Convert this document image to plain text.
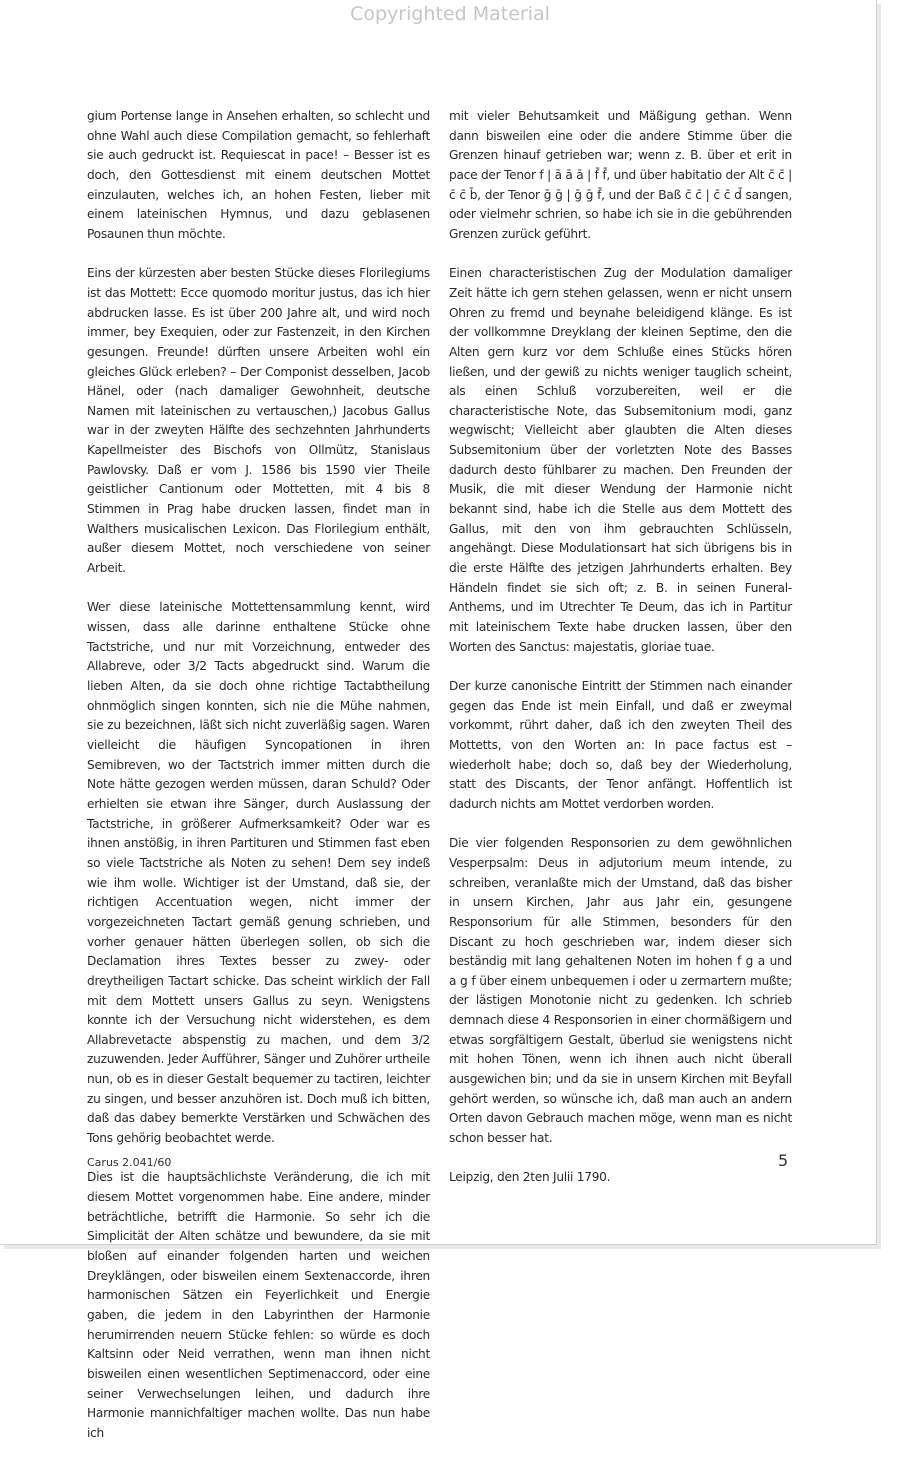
Copyrighted Material

gium Portense lange in Ansehen erhalten, so schlecht und ohne Wahl auch diese Compilation gemacht, so fehlerhaft sie auch gedruckt ist. Requiescat in pace! – Besser ist es doch, den Gottesdienst mit einem deutschen Mottet einzulauten, welches ich, an hohen Festen, lieber mit einem lateinischen Hymnus, und dazu geblasenen Posaunen thun möchte.

Eins der kürzesten aber besten Stücke dieses Florilegiums ist das Mottett: Ecce quomodo moritur justus, das ich hier abdrucken lasse. Es ist über 200 Jahre alt, und wird noch immer, bey Exequien, oder zur Fastenzeit, in den Kirchen gesungen. Freunde! dürften unsere Arbeiten wohl ein gleiches Glück erleben? – Der Componist desselben, Jacob Hänel, oder (nach damaliger Gewohnheit, deutsche Namen mit lateinischen zu vertauschen,) Jacobus Gallus war in der zweyten Hälfte des sechzehnten Jahrhunderts Kapellmeister des Bischofs von Ollmütz, Stanislaus Pawlovsky. Daß er vom J. 1586 bis 1590 vier Theile geistlicher Cantionum oder Mottetten, mit 4 bis 8 Stimmen in Prag habe drucken lassen, findet man in Walthers musicalischen Lexicon. Das Florilegium enthält, außer diesem Mottet, noch verschiedene von seiner Arbeit.

Wer diese lateinische Mottettensammlung kennt, wird wissen, dass alle darinne enthaltene Stücke ohne Tactstriche, und nur mit Vorzeichnung, entweder des Allabreve, oder 3/2 Tacts abgedruckt sind. Warum die lieben Alten, da sie doch ohne richtige Tactabtheilung ohnmöglich singen konnten, sich nie die Mühe nahmen, sie zu bezeichnen, läßt sich nicht zuverläßig sagen. Waren vielleicht die häufigen Syncopationen in ihren Semibreven, wo der Tactstrich immer mitten durch die Note hätte gezogen werden müssen, daran Schuld? Oder erhielten sie etwan ihre Sänger, durch Auslassung der Tactstriche, in größerer Aufmerksamkeit? Oder war es ihnen anstößig, in ihren Partituren und Stimmen fast eben so viele Tactstriche als Noten zu sehen! Dem sey indeß wie ihm wolle. Wichtiger ist der Umstand, daß sie, der richtigen Accentuation wegen, nicht immer der vorgezeichneten Tactart gemäß genung schrieben, und vorher genauer hätten überlegen sollen, ob sich die Declamation ihres Textes besser zu zwey- oder dreytheiligen Tactart schicke. Das scheint wirklich der Fall mit dem Mottett unsers Gallus zu seyn. Wenigstens konnte ich der Versuchung nicht widerstehen, es dem Allabrevetacte abspenstig zu machen, und dem 3/2 zuzuwenden. Jeder Aufführer, Sänger und Zuhörer urtheile nun, ob es in dieser Gestalt bequemer zu tactiren, leichter zu singen, und besser anzuhören ist. Doch muß ich bitten, daß das dabey bemerkte Verstärken und Schwächen des Tons gehörig beobachtet werde.

Dies ist die hauptsächlichste Veränderung, die ich mit diesem Mottet vorgenommen habe. Eine andere, minder beträchtliche, betrifft die Harmonie. So sehr ich die Simplicität der Alten schätze und bewundere, da sie mit bloßen auf einander folgenden harten und weichen Dreyklängen, oder bisweilen einem Sextenaccorde, ihren harmonischen Sätzen ein Feyerlichkeit und Energie gaben, die jedem in den Labyrinthen der Harmonie herumirrenden neuern Stücke fehlen: so würde es doch Kaltsinn oder Neid verrathen, wenn man ihnen nicht bisweilen einen wesentlichen Septimenaccord, oder eine seiner Verwechselungen leihen, und dadurch ihre Harmonie mannichfaltiger machen wollte. Das nun habe ich

mit vieler Behutsamkeit und Mäßigung gethan. Wenn dann bisweilen eine oder die andere Stimme über die Grenzen hinauf getrieben war; wenn z. B. über et erit in pace der Tenor f | ā ā ā | f̄ f̄, und über habitatio der Alt c̄ c̄ | c̄ c̄ b̄, der Tenor ḡ ḡ | ḡ ḡ f̄, und der Baß c̄ c̄ | c̄ c̄ d̄ sangen, oder vielmehr schrien, so habe ich sie in die gebührenden Grenzen zurück geführt.

Einen characteristischen Zug der Modulation damaliger Zeit hätte ich gern stehen gelassen, wenn er nicht unsern Ohren zu fremd und beynahe beleidigend klänge. Es ist der vollkommne Dreyklang der kleinen Septime, den die Alten gern kurz vor dem Schluße eines Stücks hören ließen, und der gewiß zu nichts weniger tauglich scheint, als einen Schluß vorzubereiten, weil er die characteristische Note, das Subsemitonium modi, ganz wegwischt; Vielleicht aber glaubten die Alten dieses Subsemitonium über der vorletzten Note des Basses dadurch desto fühlbarer zu machen. Den Freunden der Musik, die mit dieser Wendung der Harmonie nicht bekannt sind, habe ich die Stelle aus dem Mottett des Gallus, mit den von ihm gebrauchten Schlüsseln, angehängt. Diese Modulationsart hat sich übrigens bis in die erste Hälfte des jetzigen Jahrhunderts erhalten. Bey Händeln findet sie sich oft; z. B. in seinen Funeral-Anthems, und im Utrechter Te Deum, das ich in Partitur mit lateinischem Texte habe drucken lassen, über den Worten des Sanctus: majestatis, gloriae tuae.

Der kurze canonische Eintritt der Stimmen nach einander gegen das Ende ist mein Einfall, und daß er zweymal vorkommt, rührt daher, daß ich den zweyten Theil des Mottetts, von den Worten an: In pace factus est – wiederholt habe; doch so, daß bey der Wiederholung, statt des Discants, der Tenor anfängt. Hoffentlich ist dadurch nichts am Mottet verdorben worden.

Die vier folgenden Responsorien zu dem gewöhnlichen Vesperpsalm: Deus in adjutorium meum intende, zu schreiben, veranlaßte mich der Umstand, daß das bisher in unsern Kirchen, Jahr aus Jahr ein, gesungene Responsorium für alle Stimmen, besonders für den Discant zu hoch geschrieben war, indem dieser sich beständig mit lang gehaltenen Noten im hohen f g a und a g f über einem unbequemen i oder u zermartern mußte; der lästigen Monotonie nicht zu gedenken. Ich schrieb demnach diese 4 Responsorien in einer chormäßigern und etwas sorgfältigern Gestalt, überlud sie wenigstens nicht mit hohen Tönen, wenn ich ihnen auch nicht überall ausgewichen bin; und da sie in unsern Kirchen mit Beyfall gehört werden, so wünsche ich, daß man auch an andern Orten davon Gebrauch machen möge, wenn man es nicht schon besser hat.

Leipzig, den 2ten Julii 1790.

Carus 2.041/60	5
